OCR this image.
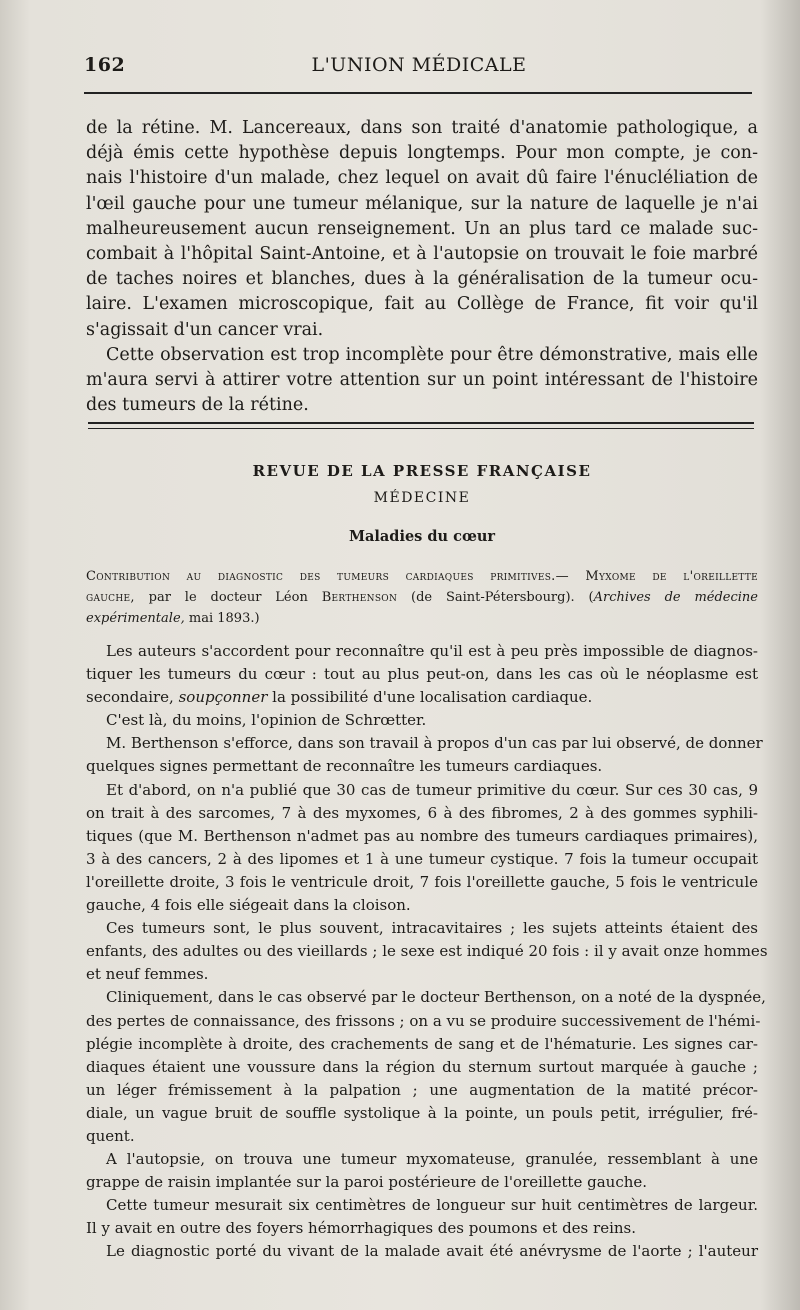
L'UNION MÉDICALE
162
de la rétine. M. Lancereaux, dans son traité d'anatomie pathologique, a
déjà émis cette hypothèse depuis longtemps. Pour mon compte, je con-
nais l'histoire d'un malade, chez lequel on avait dû faire l'énucléliation de
l'œil gauche pour une tumeur mélanique, sur la nature de laquelle je n'ai
malheureusement aucun renseignement. Un an plus tard ce malade suc-
combait à l'hôpital Saint-Antoine, et à l'autopsie on trouvait le foie marbré
de taches noires et blanches, dues à la généralisation de la tumeur ocu-
laire. L'examen microscopique, fait au Collège de France, fit voir qu'il
s'agissait d'un cancer vrai.
Cette observation est trop incomplète pour être démonstrative, mais elle
m'aura servi à attirer votre attention sur un point intéressant de l'histoire
des tumeurs de la rétine.
REVUE DE LA PRESSE FRANÇAISE
MÉDECINE
Maladies du cœur
Contribution au diagnostic des tumeurs cardiaques primitives.— Myxome de l'oreillette
gauche, par le docteur Léon Berthenson (de Saint-Pétersbourg). (Archives de médecine
expérimentale, mai 1893.)
Les auteurs s'accordent pour reconnaître qu'il est à peu près impossible de diagnos-
tiquer les tumeurs du cœur : tout au plus peut-on, dans les cas où le néoplasme est
secondaire, soupçonner la possibilité d'une localisation cardiaque.
C'est là, du moins, l'opinion de Schrœtter.
M. Berthenson s'efforce, dans son travail à propos d'un cas par lui observé, de donner
quelques signes permettant de reconnaître les tumeurs cardiaques.
Et d'abord, on n'a publié que 30 cas de tumeur primitive du cœur. Sur ces 30 cas, 9
on trait à des sarcomes, 7 à des myxomes, 6 à des fibromes, 2 à des gommes syphili-
tiques (que M. Berthenson n'admet pas au nombre des tumeurs cardiaques primaires),
3 à des cancers, 2 à des lipomes et 1 à une tumeur cystique. 7 fois la tumeur occupait
l'oreillette droite, 3 fois le ventricule droit, 7 fois l'oreillette gauche, 5 fois le ventricule
gauche, 4 fois elle siégeait dans la cloison.
Ces tumeurs sont, le plus souvent, intracavitaires ; les sujets atteints étaient des
enfants, des adultes ou des vieillards ; le sexe est indiqué 20 fois : il y avait onze hommes
et neuf femmes.
Cliniquement, dans le cas observé par le docteur Berthenson, on a noté de la dyspnée,
des pertes de connaissance, des frissons ; on a vu se produire successivement de l'hémi-
plégie incomplète à droite, des crachements de sang et de l'hématurie. Les signes car-
diaques étaient une voussure dans la région du sternum surtout marquée à gauche ;
un léger frémissement à la palpation ; une augmentation de la matité précor-
diale, un vague bruit de souffle systolique à la pointe, un pouls petit, irrégulier, fré-
quent.
A l'autopsie, on trouva une tumeur myxomateuse, granulée, ressemblant à une
grappe de raisin implantée sur la paroi postérieure de l'oreillette gauche.
Cette tumeur mesurait six centimètres de longueur sur huit centimètres de largeur.
Il y avait en outre des foyers hémorrhagiques des poumons et des reins.
Le diagnostic porté du vivant de la malade avait été anévrysme de l'aorte ; l'auteur
